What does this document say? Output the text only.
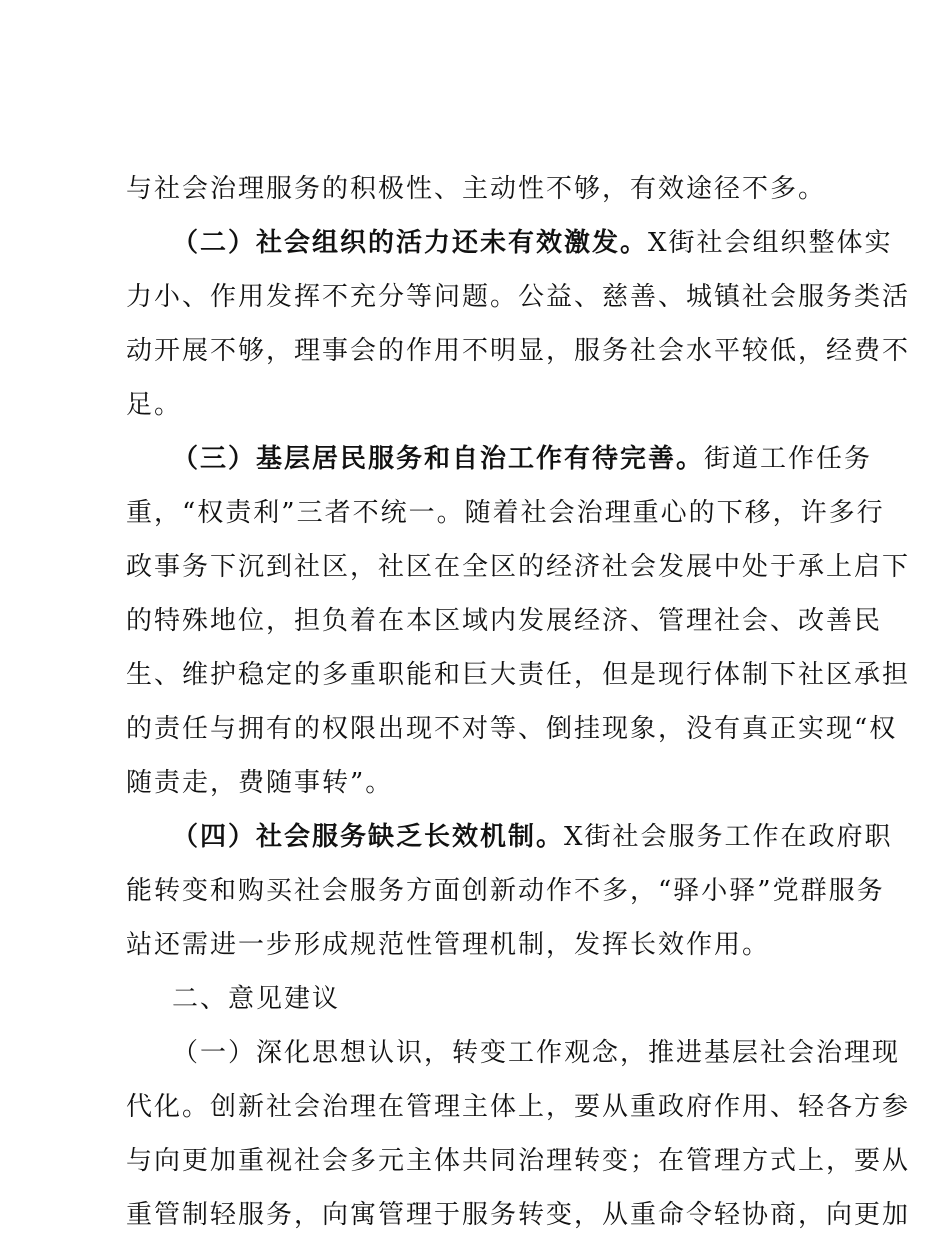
与社会治理服务的积极性、主动性不够，有效途径不多。
（二）社会组织的活力还未有效激发。X街社会组织整体实
力小、作用发挥不充分等问题。公益、慈善、城镇社会服务类活
动开展不够，理事会的作用不明显，服务社会水平较低，经费不
足。
（三）基层居民服务和自治工作有待完善。街道工作任务
重，“权责利”三者不统一。随着社会治理重心的下移，许多行
政事务下沉到社区，社区在全区的经济社会发展中处于承上启下
的特殊地位，担负着在本区域内发展经济、管理社会、改善民
生、维护稳定的多重职能和巨大责任，但是现行体制下社区承担
的责任与拥有的权限出现不对等、倒挂现象，没有真正实现“权
随责走，费随事转”。
（四）社会服务缺乏长效机制。X街社会服务工作在政府职
能转变和购买社会服务方面创新动作不多，“驿小驿”党群服务
站还需进一步形成规范性管理机制，发挥长效作用。
二、意见建议
（一）深化思想认识，转变工作观念，推进基层社会治理现
代化。创新社会治理在管理主体上，要从重政府作用、轻各方参
与向更加重视社会多元主体共同治理转变；在管理方式上，要从
重管制轻服务，向寓管理于服务转变，从重命令轻协商，向更加
